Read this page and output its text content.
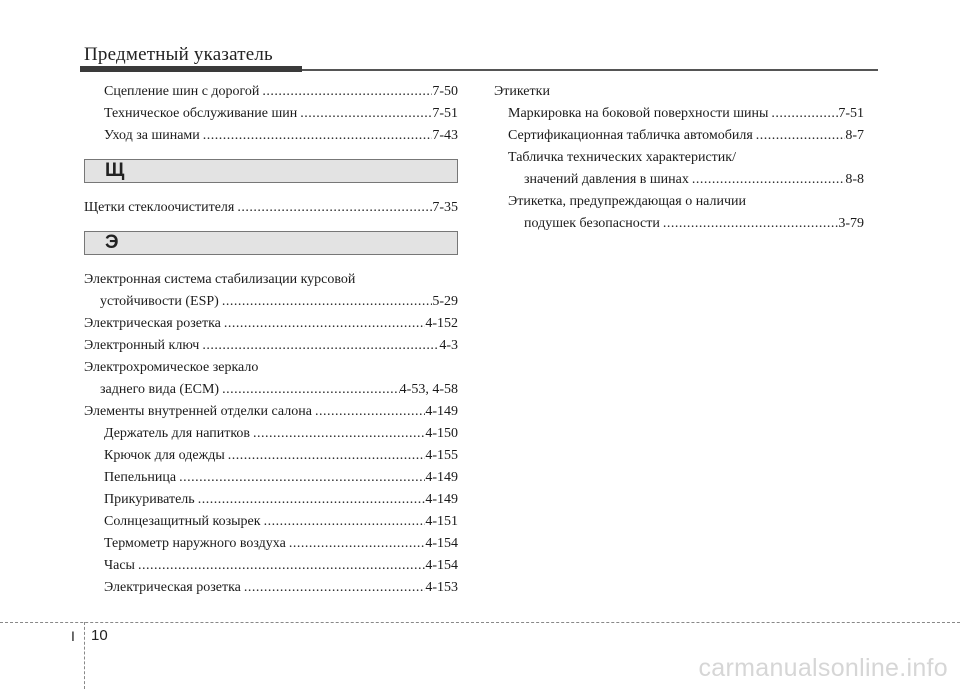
Предметный указатель
Сцепление шин с дорогой .....	7-50
Техническое обслуживание шин .....	7-51
Уход за шинами .....	7-43
Щ
Щетки стеклоочистителя .....	7-35
Э
Электронная система стабилизации курсовой
устойчивости (ESP) .....	5-29
Электрическая розетка .....	4-152
Электронный ключ .....	4-3
Электрохромическое зеркало
заднего вида (ECM) .....	4-53, 4-58
Элементы внутренней отделки салона .....	4-149
Держатель для напитков .....	4-150
Крючок для одежды .....	4-155
Пепельница .....	4-149
Прикуриватель .....	4-149
Солнцезащитный козырек .....	4-151
Термометр наружного воздуха .....	4-154
Часы .....	4-154
Электрическая розетка .....	4-153
Этикетки
Маркировка на боковой поверхности шины .....	7-51
Сертификационная табличка автомобиля .....	8-7
Табличка технических характеристик/
значений давления в шинах .....	8-8
Этикетка, предупреждающая о наличии
подушек безопасности .....	3-79
I 10
carmanualsonline.info
